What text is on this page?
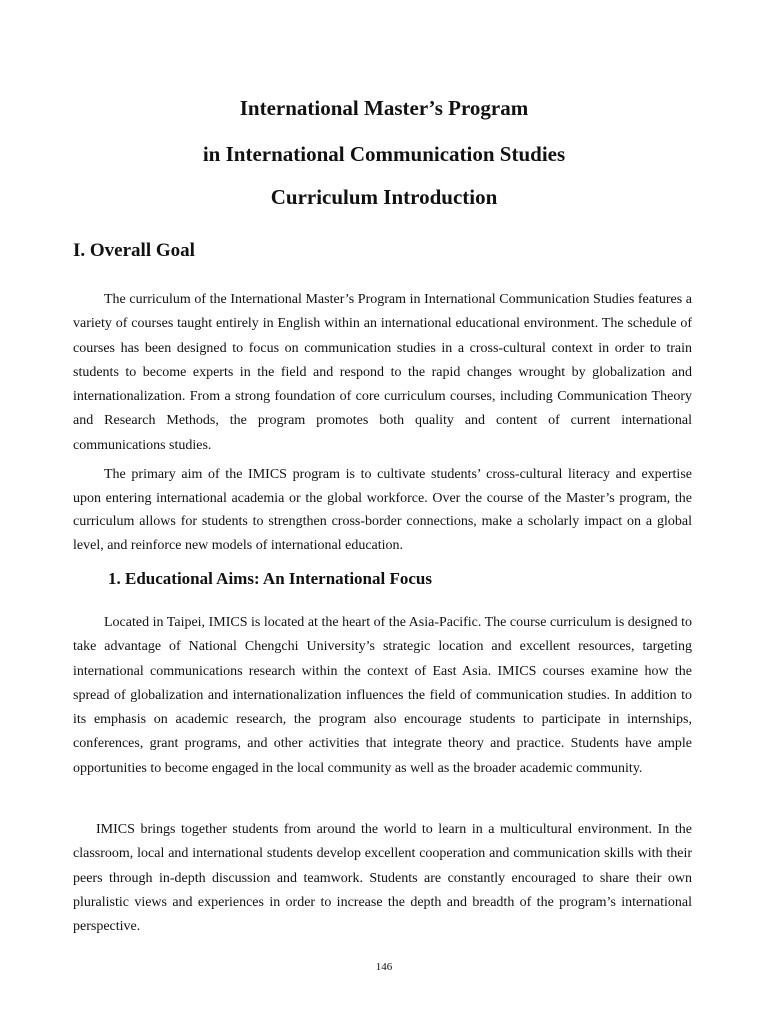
International Master’s Program
in International Communication Studies
Curriculum Introduction
I. Overall Goal

The curriculum of the International Master’s Program in International Communication Studies features a variety of courses taught entirely in English within an international educational environment. The schedule of courses has been designed to focus on communication studies in a cross-cultural context in order to train students to become experts in the field and respond to the rapid changes wrought by globalization and internationalization. From a strong foundation of core curriculum courses, including Communication Theory and Research Methods, the program promotes both quality and content of current international communications studies.

The primary aim of the IMICS program is to cultivate students’ cross-cultural literacy and expertise upon entering international academia or the global workforce. Over the course of the Master’s program, the curriculum allows for students to strengthen cross-border connections, make a scholarly impact on a global level, and reinforce new models of international education.

1. Educational Aims: An International Focus

Located in Taipei, IMICS is located at the heart of the Asia-Pacific. The course curriculum is designed to take advantage of National Chengchi University’s strategic location and excellent resources, targeting international communications research within the context of East Asia. IMICS courses examine how the spread of globalization and internationalization influences the field of communication studies. In addition to its emphasis on academic research, the program also encourage students to participate in internships, conferences, grant programs, and other activities that integrate theory and practice. Students have ample opportunities to become engaged in the local community as well as the broader academic community.

IMICS brings together students from around the world to learn in a multicultural environment. In the classroom, local and international students develop excellent cooperation and communication skills with their peers through in-depth discussion and teamwork. Students are constantly encouraged to share their own pluralistic views and experiences in order to increase the depth and breadth of the program’s international perspective.

146
